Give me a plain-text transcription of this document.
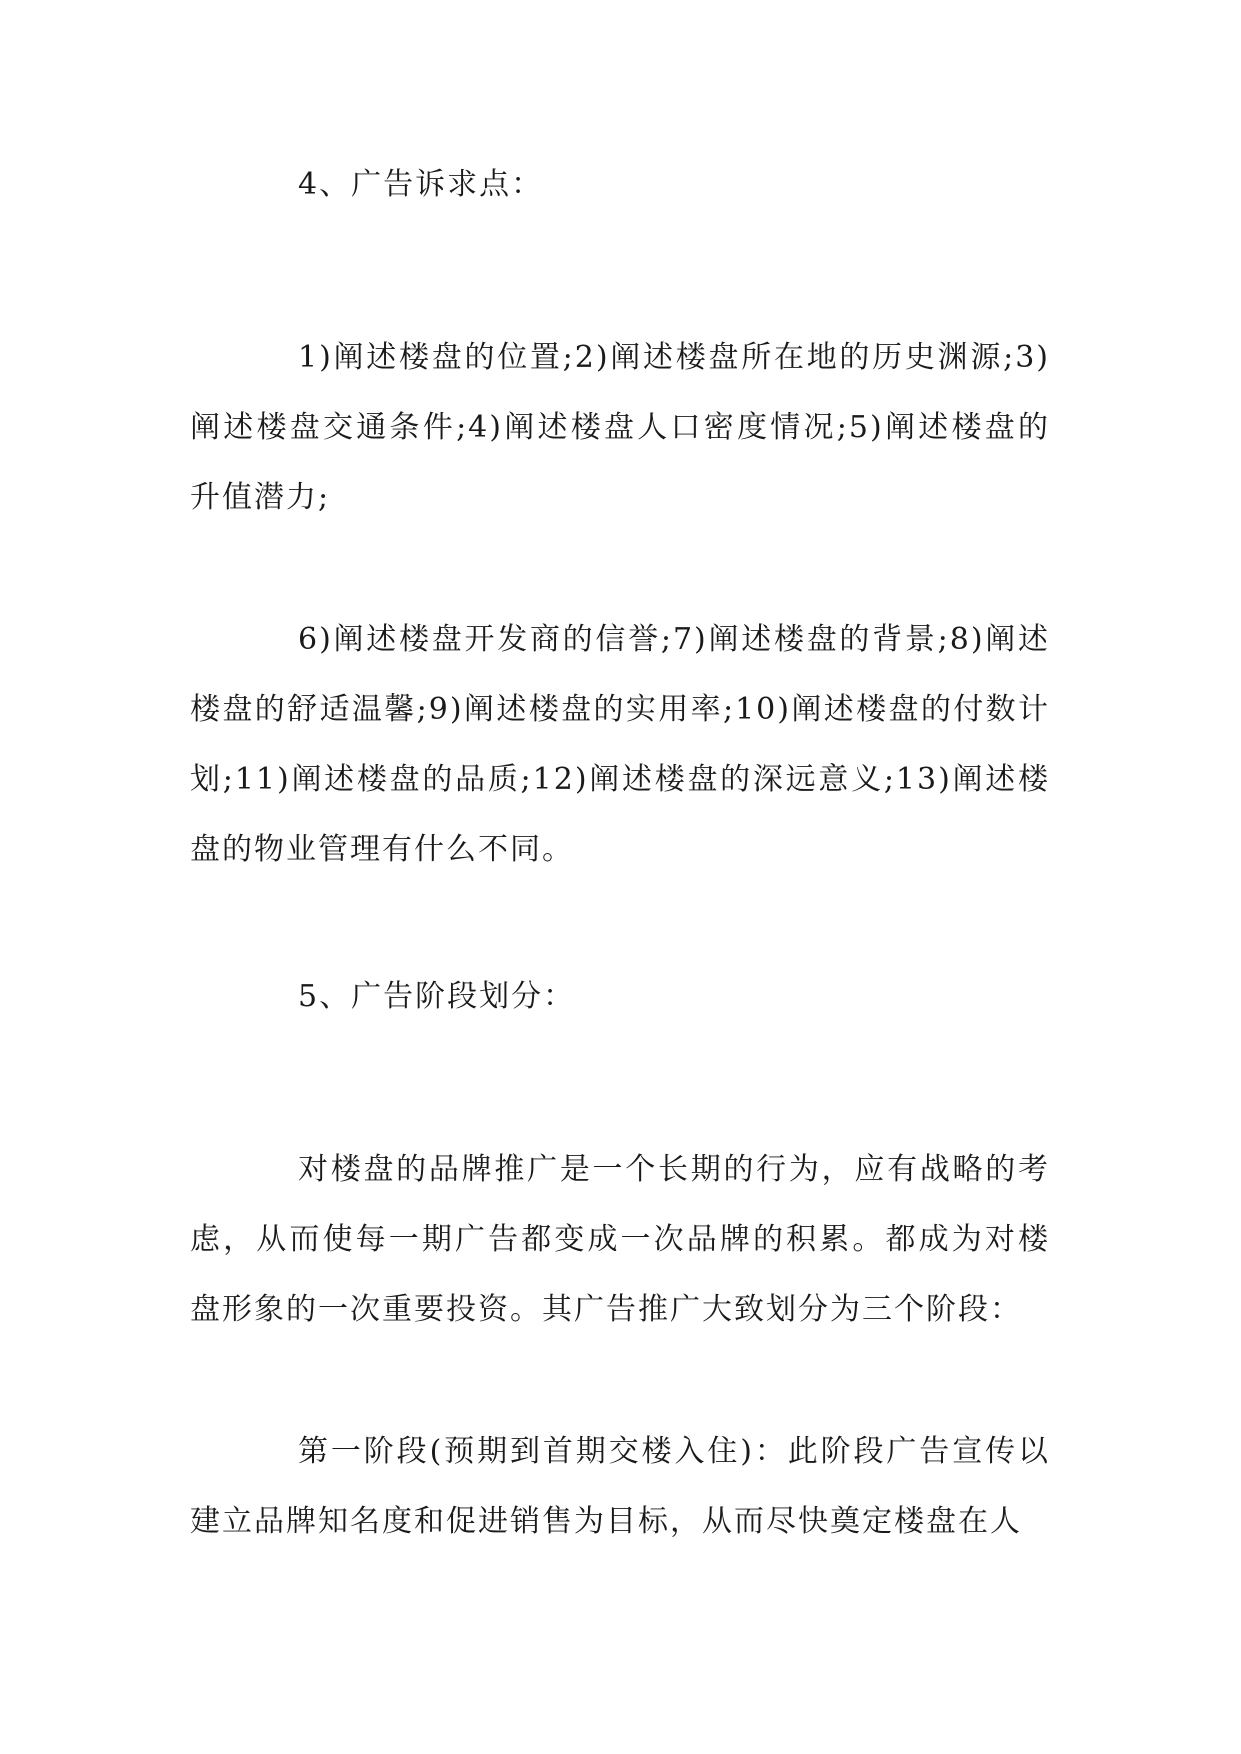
4、广告诉求点：

1)阐述楼盘的位置;2)阐述楼盘所在地的历史渊源;3)阐述楼盘交通条件;4)阐述楼盘人口密度情况;5)阐述楼盘的升值潜力;

6)阐述楼盘开发商的信誉;7)阐述楼盘的背景;8)阐述楼盘的舒适温馨;9)阐述楼盘的实用率;10)阐述楼盘的付数计划;11)阐述楼盘的品质;12)阐述楼盘的深远意义;13)阐述楼盘的物业管理有什么不同。

5、广告阶段划分：

对楼盘的品牌推广是一个长期的行为，应有战略的考虑，从而使每一期广告都变成一次品牌的积累。都成为对楼盘形象的一次重要投资。其广告推广大致划分为三个阶段：

第一阶段(预期到首期交楼入住)：此阶段广告宣传以建立品牌知名度和促进销售为目标，从而尽快奠定楼盘在人
